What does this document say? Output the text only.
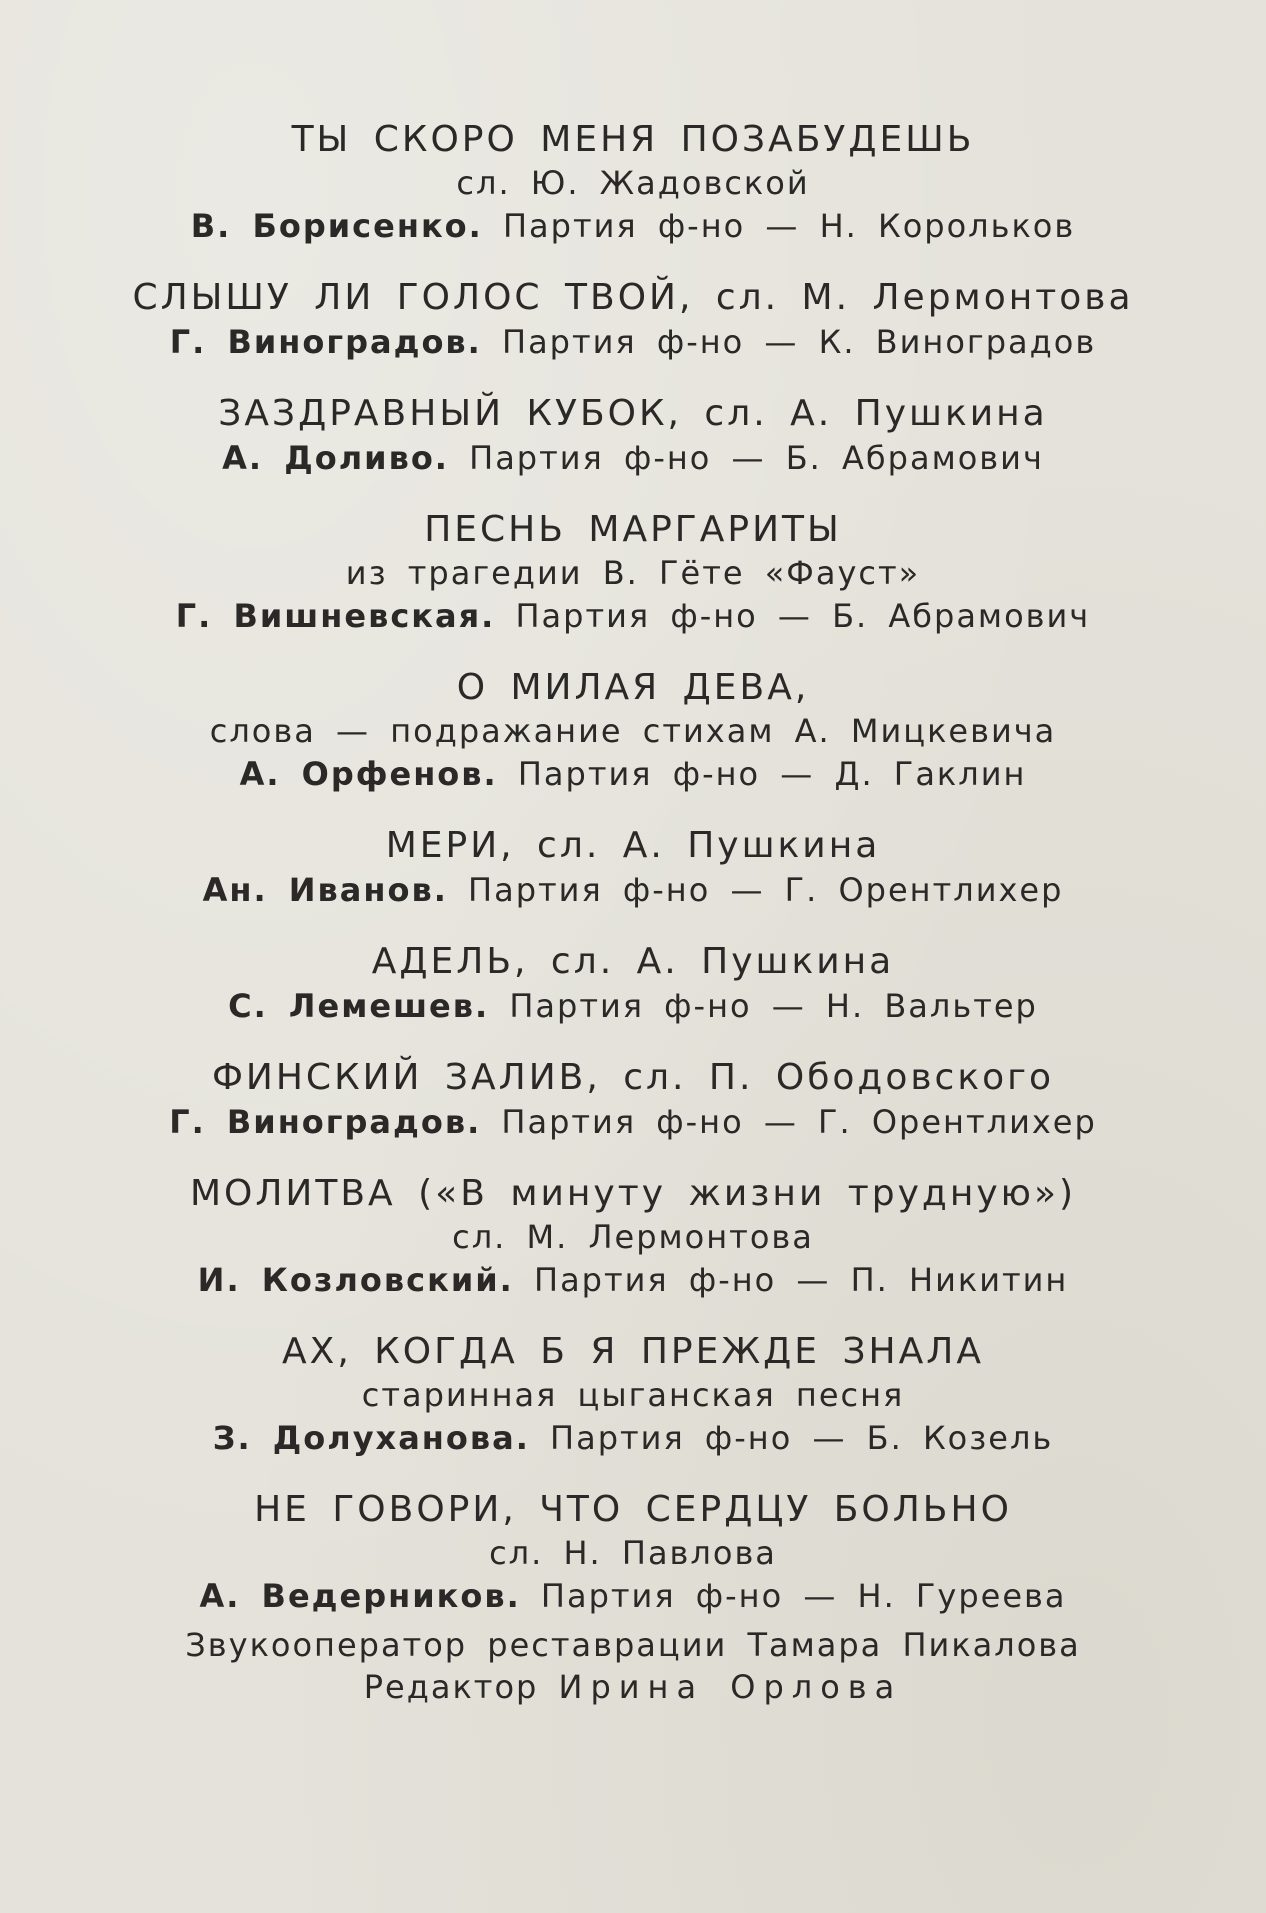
ТЫ СКОРО МЕНЯ ПОЗАБУДЕШЬ
сл. Ю. Жадовской
В. Борисенко. Партия ф-но — Н. Корольков
СЛЫШУ ЛИ ГОЛОС ТВОЙ, сл. М. Лермонтова
Г. Виноградов. Партия ф-но — К. Виноградов
ЗАЗДРАВНЫЙ КУБОК, сл. А. Пушкина
А. Доливо. Партия ф-но — Б. Абрамович
ПЕСНЬ МАРГАРИТЫ
из трагедии В. Гёте «Фауст»
Г. Вишневская. Партия ф-но — Б. Абрамович
О МИЛАЯ ДЕВА,
слова — подражание стихам А. Мицкевича
А. Орфенов. Партия ф-но — Д. Гаклин
МЕРИ, сл. А. Пушкина
Ан. Иванов. Партия ф-но — Г. Орентлихер
АДЕЛЬ, сл. А. Пушкина
С. Лемешев. Партия ф-но — Н. Вальтер
ФИНСКИЙ ЗАЛИВ, сл. П. Ободовского
Г. Виноградов. Партия ф-но — Г. Орентлихер
МОЛИТВА («В минуту жизни трудную»)
сл. М. Лермонтова
И. Козловский. Партия ф-но — П. Никитин
АХ, КОГДА Б Я ПРЕЖДЕ ЗНАЛА
старинная цыганская песня
З. Долуханова. Партия ф-но — Б. Козель
НЕ ГОВОРИ, ЧТО СЕРДЦУ БОЛЬНО
сл. Н. Павлова
А. Ведерников. Партия ф-но — Н. Гуреева
Звукооператор реставрации Тамара Пикалова
Редактор Ирина Орлова
